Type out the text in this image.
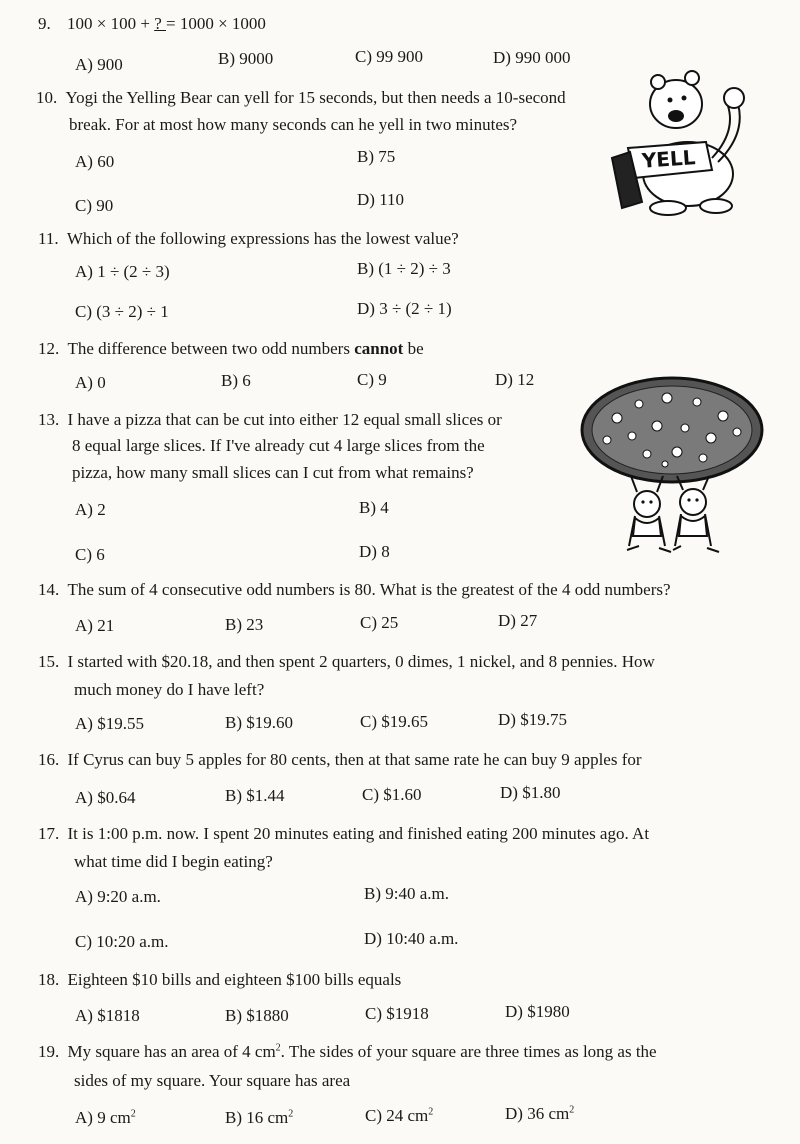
9. 100 × 100 + ? = 1000 × 1000
A) 900	B) 9000	C) 99 900	D) 990 000
10. Yogi the Yelling Bear can yell for 15 seconds, but then needs a 10-second
break. For at most how many seconds can he yell in two minutes?
A) 60	B) 75
C) 90	D) 110
YELL
11. Which of the following expressions has the lowest value?
A) 1 ÷ (2 ÷ 3)	B) (1 ÷ 2) ÷ 3
C) (3 ÷ 2) ÷ 1	D) 3 ÷ (2 ÷ 1)
12. The difference between two odd numbers cannot be
A) 0	B) 6	C) 9	D) 12
13. I have a pizza that can be cut into either 12 equal small slices or
8 equal large slices. If I've already cut 4 large slices from the
pizza, how many small slices can I cut from what remains?
A) 2	B) 4
C) 6	D) 8
14. The sum of 4 consecutive odd numbers is 80. What is the greatest of the 4 odd numbers?
A) 21	B) 23	C) 25	D) 27
15. I started with $20.18, and then spent 2 quarters, 0 dimes, 1 nickel, and 8 pennies. How
much money do I have left?
A) $19.55	B) $19.60	C) $19.65	D) $19.75
16. If Cyrus can buy 5 apples for 80 cents, then at that same rate he can buy 9 apples for
A) $0.64	B) $1.44	C) $1.60	D) $1.80
17. It is 1:00 p.m. now. I spent 20 minutes eating and finished eating 200 minutes ago. At
what time did I begin eating?
A) 9:20 a.m.	B) 9:40 a.m.
C) 10:20 a.m.	D) 10:40 a.m.
18. Eighteen $10 bills and eighteen $100 bills equals
A) $1818	B) $1880	C) $1918	D) $1980
19. My square has an area of 4 $cm^2$. The sides of your square are three times as long as the
sides of my square. Your square has area
A) 9 $cm^2$	B) 16 $cm^2$	C) 24 $cm^2$	D) 36 $cm^2$
